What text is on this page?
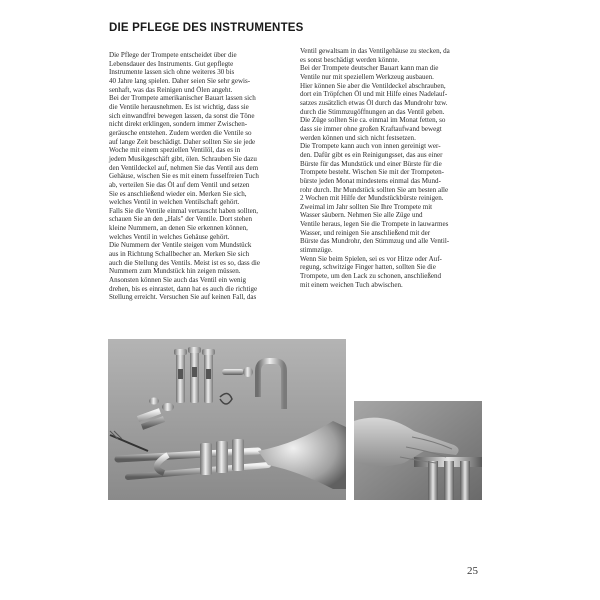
DIE PFLEGE DES INSTRUMENTES

Die Pflege der Trompete entscheidet über die

Lebensdauer des Instruments. Gut gepflegte

Instrumente lassen sich ohne weiteres 30 bis

40 Jahre lang spielen. Daher seien Sie sehr gewis-

senhaft, was das Reinigen und Ölen angeht.

Bei der Trompete amerikanischer Bauart lassen sich

die Ventile herausnehmen. Es ist wichtig, dass sie

sich einwandfrei bewegen lassen, da sonst die Töne

nicht direkt erklingen, sondern immer Zwischen-

geräusche entstehen. Zudem werden die Ventile so

auf lange Zeit beschädigt. Daher sollten Sie sie jede

Woche mit einem speziellen Ventilöl, das es in

jedem Musikgeschäft gibt, ölen. Schrauben Sie dazu

den Ventildeckel auf, nehmen Sie das Ventil aus dem

Gehäuse, wischen Sie es mit einem fusselfreien Tuch

ab, verteilen Sie das Öl auf dem Ventil und setzen

Sie es anschließend wieder ein. Merken Sie sich,

welches Ventil in welchen Ventilschaft gehört.

Falls Sie die Ventile einmal vertauscht haben sollten,

schauen Sie an den „Hals" der Ventile. Dort stehen

kleine Nummern, an denen Sie erkennen können,

welches Ventil in welches Gehäuse gehört.

Die Nummern der Ventile steigen vom Mundstück

aus in Richtung Schallbecher an. Merken Sie sich

auch die Stellung des Ventils. Meist ist es so, dass die

Nummern zum Mundstück hin zeigen müssen.

Ansonsten können Sie auch das Ventil ein wenig

drehen, bis es einrastet, dann hat es auch die richtige

Stellung erreicht. Versuchen Sie auf keinen Fall, das

Ventil gewaltsam in das Ventilgehäuse zu stecken, da

es sonst beschädigt werden könnte.

Bei der Trompete deutscher Bauart kann man die

Ventile nur mit speziellem Werkzeug ausbauen.

Hier können Sie aber die Ventildeckel abschrauben,

dort ein Tröpfchen Öl und mit Hilfe eines Nadelauf-

satzes zusätzlich etwas Öl durch das Mundrohr bzw.

durch die Stimmzugöffnungen an das Ventil geben.

Die Züge sollten Sie ca. einmal im Monat fetten, so

dass sie immer ohne großen Kraftaufwand bewegt

werden können und sich nicht festsetzen.

Die Trompete kann auch von innen gereinigt wer-

den. Dafür gibt es ein Reinigungsset, das aus einer

Bürste für das Mundstück und einer Bürste für die

Trompete besteht. Wischen Sie mit der Trompeten-

bürste jeden Monat mindestens einmal das Mund-

rohr durch. Ihr Mundstück sollten Sie am besten alle

2 Wochen mit Hilfe der Mundstückbürste reinigen.

Zweimal im Jahr sollten Sie Ihre Trompete mit

Wasser säubern. Nehmen Sie alle Züge und

Ventile heraus, legen Sie die Trompete in lauwarmes

Wasser, und reinigen Sie anschließend mit der

Bürste das Mundrohr, den Stimmzug und alle Ventil-

stimmzüge.

Wenn Sie beim Spielen, sei es vor Hitze oder Auf-

regung, schwitzige Finger hatten, sollten Sie die

Trompete, um den Lack zu schonen, anschließend

mit einem weichen Tuch abwischen.

25
